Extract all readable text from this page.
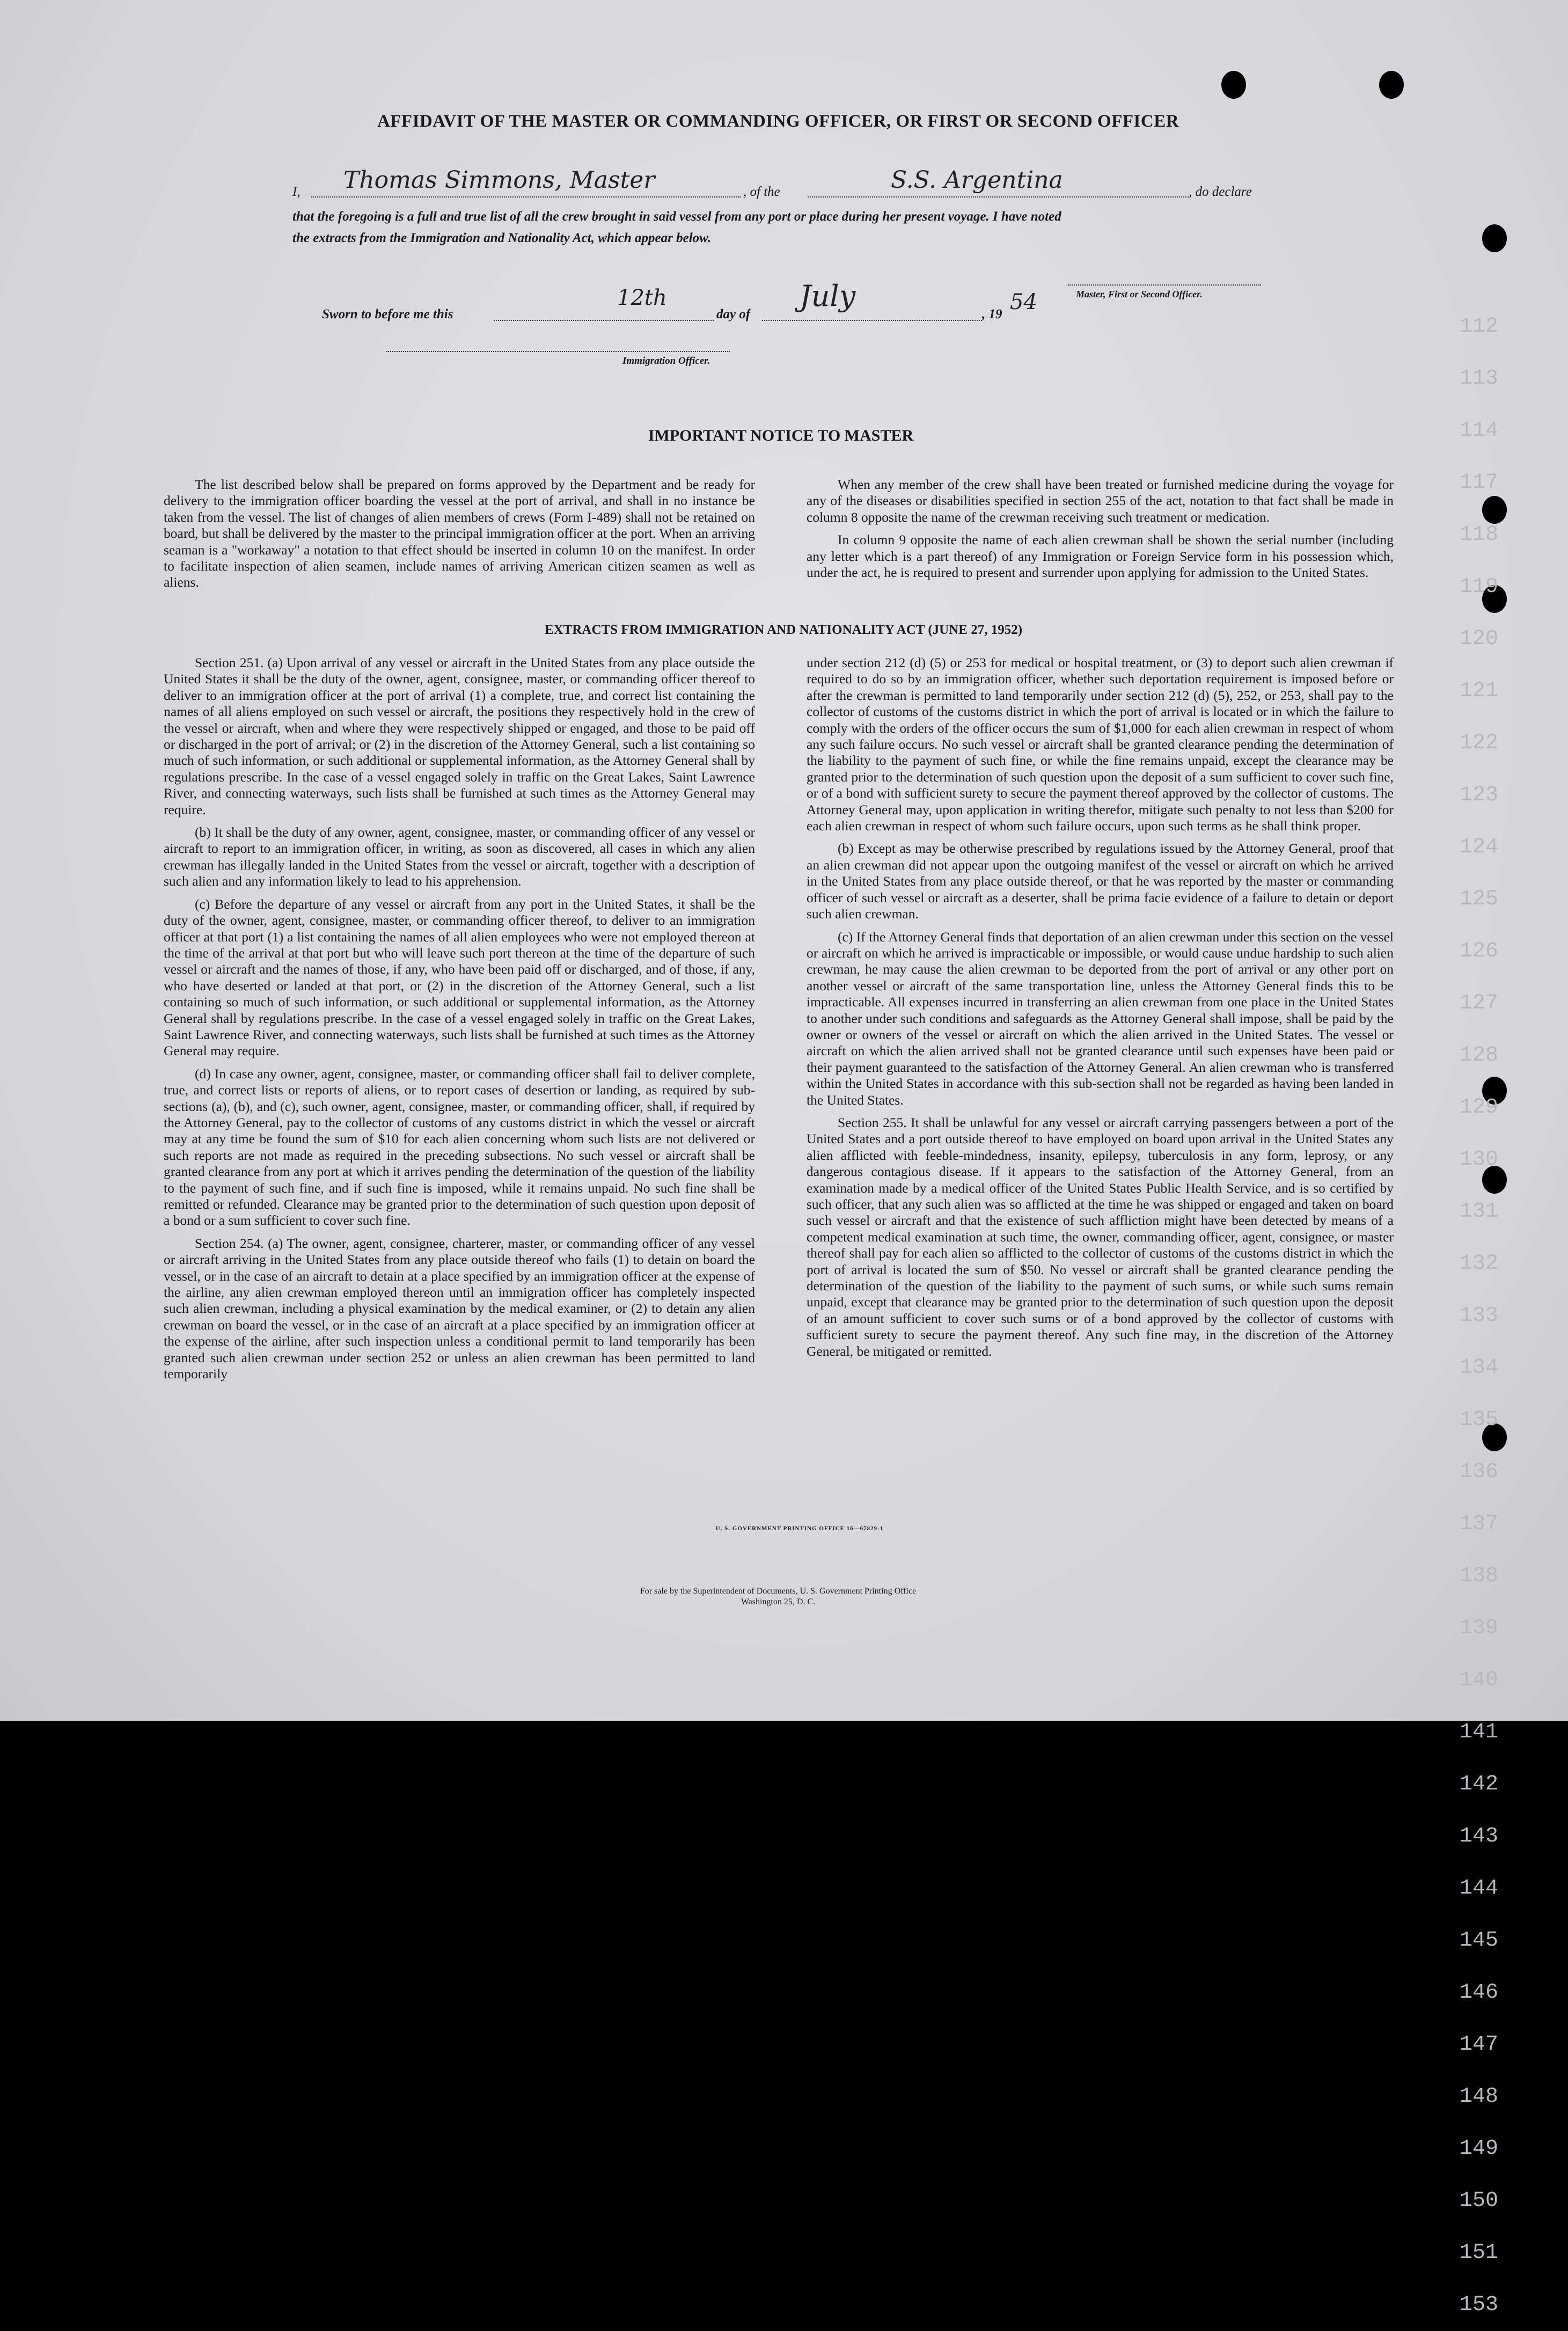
112
113
114
117
118
119
120
121
122
123
124
125
126
127
128
129
130
131
132
133
134
135
136
137
138
139
140
141
142
143
144
145
146
147
148
149
150
151
153
AFFIDAVIT OF THE MASTER OR COMMANDING OFFICER, OR FIRST OR SECOND OFFICER
I, Thomas Simmons, Master	, of the	S.S. Argentina	, do declare
that the foregoing is a full and true list of all the crew brought in said vessel from any port or place during her present voyage. I have noted
the extracts from the Immigration and Nationality Act, which appear below.
Master, First or Second Officer.
Sworn to before me this
12th
day of
July
, 19 54
Immigration Officer.
IMPORTANT NOTICE TO MASTER

The list described below shall be prepared on forms approved by the Department and be ready for delivery to the immigration officer boarding the vessel at the port of arrival, and shall in no instance be taken from the vessel. The list of changes of alien members of crews (Form I-489) shall not be retained on board, but shall be delivered by the master to the principal immigration officer at the port. When an arriving seaman is a "workaway" a notation to that effect should be inserted in column 10 on the manifest. In order to facilitate inspection of alien seamen, include names of arriving American citizen seamen as well as aliens.

When any member of the crew shall have been treated or furnished medicine during the voyage for any of the diseases or disabilities specified in section 255 of the act, notation to that fact shall be made in column 8 opposite the name of the crewman receiving such treatment or medication.

In column 9 opposite the name of each alien crewman shall be shown the serial number (including any letter which is a part thereof) of any Immigration or Foreign Service form in his possession which, under the act, he is required to present and surrender upon applying for admission to the United States.

EXTRACTS FROM IMMIGRATION AND NATIONALITY ACT (JUNE 27, 1952)

Section 251. (a) Upon arrival of any vessel or aircraft in the United States from any place outside the United States it shall be the duty of the owner, agent, consignee, master, or commanding officer thereof to deliver to an immigration officer at the port of arrival (1) a complete, true, and correct list containing the names of all aliens employed on such vessel or aircraft, the positions they respectively hold in the crew of the vessel or aircraft, when and where they were respectively shipped or engaged, and those to be paid off or discharged in the port of arrival; or (2) in the discretion of the Attorney General, such a list containing so much of such information, or such additional or supplemental information, as the Attorney General shall by regulations prescribe. In the case of a vessel engaged solely in traffic on the Great Lakes, Saint Lawrence River, and connecting waterways, such lists shall be furnished at such times as the Attorney General may require.

(b) It shall be the duty of any owner, agent, consignee, master, or commanding officer of any vessel or aircraft to report to an immigration officer, in writing, as soon as discovered, all cases in which any alien crewman has illegally landed in the United States from the vessel or aircraft, together with a description of such alien and any information likely to lead to his apprehension.

(c) Before the departure of any vessel or aircraft from any port in the United States, it shall be the duty of the owner, agent, consignee, master, or commanding officer thereof, to deliver to an immigration officer at that port (1) a list containing the names of all alien employees who were not employed thereon at the time of the arrival at that port but who will leave such port thereon at the time of the departure of such vessel or aircraft and the names of those, if any, who have been paid off or discharged, and of those, if any, who have deserted or landed at that port, or (2) in the discretion of the Attorney General, such a list containing so much of such information, or such additional or supplemental information, as the Attorney General shall by regulations prescribe. In the case of a vessel engaged solely in traffic on the Great Lakes, Saint Lawrence River, and connecting waterways, such lists shall be furnished at such times as the Attorney General may require.

(d) In case any owner, agent, consignee, master, or commanding officer shall fail to deliver complete, true, and correct lists or reports of aliens, or to report cases of desertion or landing, as required by sub-sections (a), (b), and (c), such owner, agent, consignee, master, or commanding officer, shall, if required by the Attorney General, pay to the collector of customs of any customs district in which the vessel or aircraft may at any time be found the sum of $10 for each alien concerning whom such lists are not delivered or such reports are not made as required in the preceding subsections. No such vessel or aircraft shall be granted clearance from any port at which it arrives pending the determination of the question of the liability to the payment of such fine, and if such fine is imposed, while it remains unpaid. No such fine shall be remitted or refunded. Clearance may be granted prior to the determination of such question upon deposit of a bond or a sum sufficient to cover such fine.

Section 254. (a) The owner, agent, consignee, charterer, master, or commanding officer of any vessel or aircraft arriving in the United States from any place outside thereof who fails (1) to detain on board the vessel, or in the case of an aircraft to detain at a place specified by an immigration officer at the expense of the airline, any alien crewman employed thereon until an immigration officer has completely inspected such alien crewman, including a physical examination by the medical examiner, or (2) to detain any alien crewman on board the vessel, or in the case of an aircraft at a place specified by an immigration officer at the expense of the airline, after such inspection unless a conditional permit to land temporarily has been granted such alien crewman under section 252 or unless an alien crewman has been permitted to land temporarily

under section 212 (d) (5) or 253 for medical or hospital treatment, or (3) to deport such alien crewman if required to do so by an immigration officer, whether such deportation requirement is imposed before or after the crewman is permitted to land temporarily under section 212 (d) (5), 252, or 253, shall pay to the collector of customs of the customs district in which the port of arrival is located or in which the failure to comply with the orders of the officer occurs the sum of $1,000 for each alien crewman in respect of whom any such failure occurs. No such vessel or aircraft shall be granted clearance pending the determination of the liability to the payment of such fine, or while the fine remains unpaid, except the clearance may be granted prior to the determination of such question upon the deposit of a sum sufficient to cover such fine, or of a bond with sufficient surety to secure the payment thereof approved by the collector of customs. The Attorney General may, upon application in writing therefor, mitigate such penalty to not less than $200 for each alien crewman in respect of whom such failure occurs, upon such terms as he shall think proper.

(b) Except as may be otherwise prescribed by regulations issued by the Attorney General, proof that an alien crewman did not appear upon the outgoing manifest of the vessel or aircraft on which he arrived in the United States from any place outside thereof, or that he was reported by the master or commanding officer of such vessel or aircraft as a deserter, shall be prima facie evidence of a failure to detain or deport such alien crewman.

(c) If the Attorney General finds that deportation of an alien crewman under this section on the vessel or aircraft on which he arrived is impracticable or impossible, or would cause undue hardship to such alien crewman, he may cause the alien crewman to be deported from the port of arrival or any other port on another vessel or aircraft of the same transportation line, unless the Attorney General finds this to be impracticable. All expenses incurred in transferring an alien crewman from one place in the United States to another under such conditions and safeguards as the Attorney General shall impose, shall be paid by the owner or owners of the vessel or aircraft on which the alien arrived in the United States. The vessel or aircraft on which the alien arrived shall not be granted clearance until such expenses have been paid or their payment guaranteed to the satisfaction of the Attorney General. An alien crewman who is transferred within the United States in accordance with this sub-section shall not be regarded as having been landed in the United States.

Section 255. It shall be unlawful for any vessel or aircraft carrying passengers between a port of the United States and a port outside thereof to have employed on board upon arrival in the United States any alien afflicted with feeble-mindedness, insanity, epilepsy, tuberculosis in any form, leprosy, or any dangerous contagious disease. If it appears to the satisfaction of the Attorney General, from an examination made by a medical officer of the United States Public Health Service, and is so certified by such officer, that any such alien was so afflicted at the time he was shipped or engaged and taken on board such vessel or aircraft and that the existence of such affliction might have been detected by means of a competent medical examination at such time, the owner, commanding officer, agent, consignee, or master thereof shall pay for each alien so afflicted to the collector of customs of the customs district in which the port of arrival is located the sum of $50. No vessel or aircraft shall be granted clearance pending the determination of the question of the liability to the payment of such sums, or while such sums remain unpaid, except that clearance may be granted prior to the determination of such question upon the deposit of an amount sufficient to cover such sums or of a bond approved by the collector of customs with sufficient surety to secure the payment thereof. Any such fine may, in the discretion of the Attorney General, be mitigated or remitted.

U. S. GOVERNMENT PRINTING OFFICE 16—67829-1
For sale by the Superintendent of Documents, U. S. Government Printing Office
Washington 25, D. C.
